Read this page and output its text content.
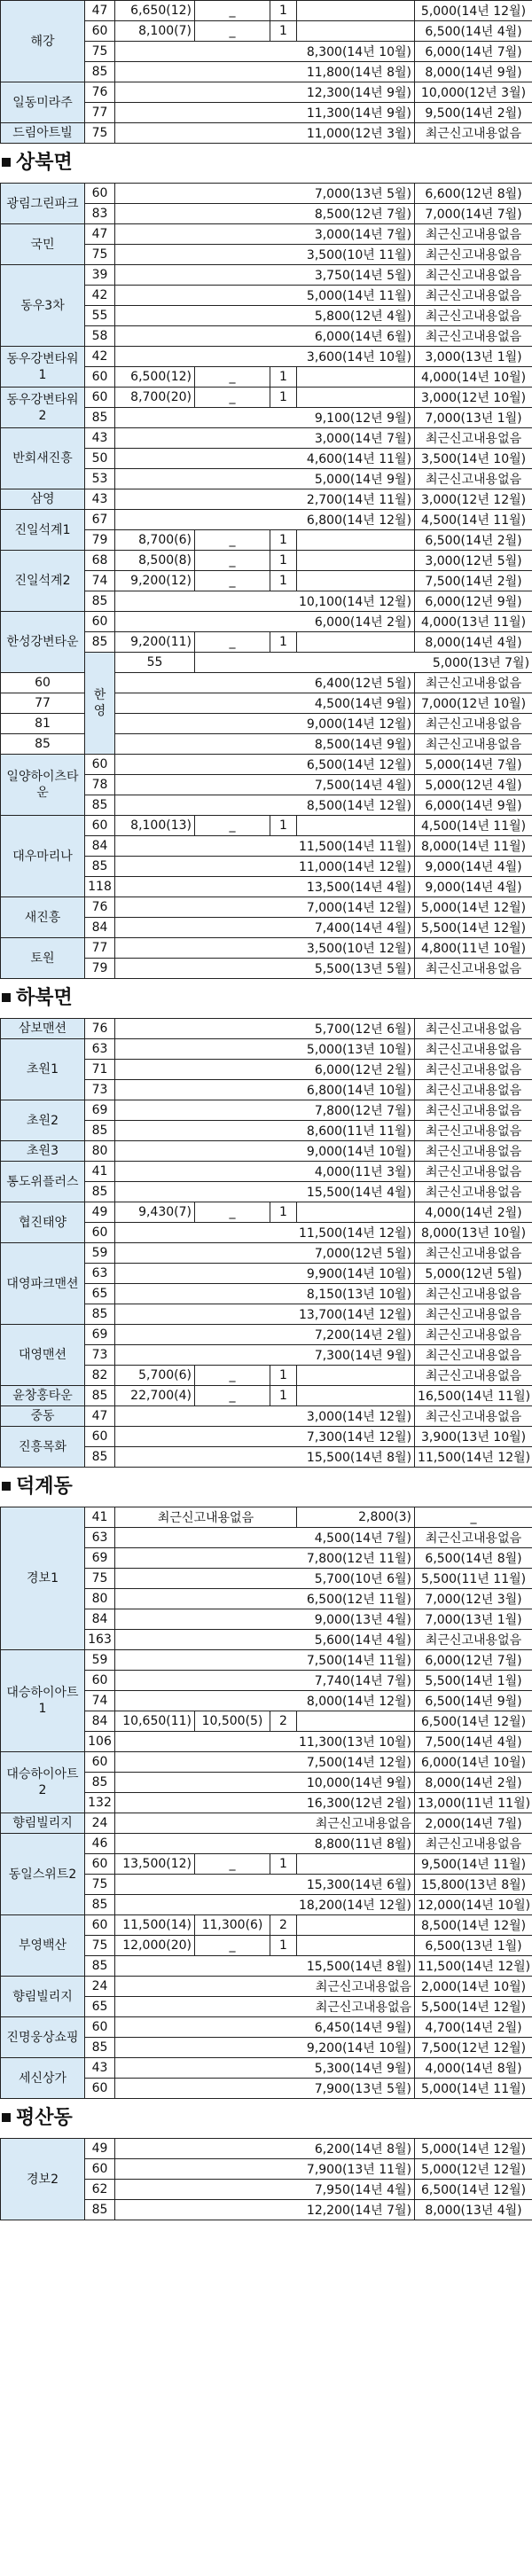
해강	47	6,650(12)	_	1		5,000(14년 12월)
	60	8,100(7)	_	1		6,500(14년 4월)
	75	8,300(14년 10월)				6,000(14년 7월)
	85	11,800(14년 8월)				8,000(14년 9월)
일동미라주	76	12,300(14년 9월)				10,000(12년 3월)
	77	11,300(14년 9월)				9,500(14년 2월)
드림아트빌	75	11,000(12년 3월)				최근신고내용없음
상북면
광림그린파크	60	7,000(13년 5월)				6,600(12년 8월)	
	83	8,500(12년 7월)				7,000(14년 7월)	
국민	47	3,000(14년 7월)				최근신고내용없음	
	75	3,500(10년 11월)				최근신고내용없음	
동우3차	39	3,750(14년 5월)				최근신고내용없음	
	42	5,000(14년 11월)				최근신고내용없음	
	55	5,800(12년 4월)				최근신고내용없음	
	58	6,000(14년 6월)				최근신고내용없음	
동우강변타워1	42	3,600(14년 10월)				3,000(13년 1월)	
	60	6,500(12)	_	1		4,000(14년 10월)	
동우강변타워2	60	8,700(20)	_	1		3,000(12년 10월)	
	85	9,100(12년 9월)				7,000(13년 1월)	
반회새진흥	43	3,000(14년 7월)				최근신고내용없음	
	50	4,600(14년 11월)				3,500(14년 10월)	
	53	5,000(14년 9월)				최근신고내용없음	
삼영	43	2,700(14년 11월)				3,000(12년 12월)	
진일석계1	67	6,800(14년 12월)				4,500(14년 11월)	
	79	8,700(6)	_	1		6,500(14년 2월)	
진일석계2	68	8,500(8)	_	1		3,000(12년 5월)	
	74	9,200(12)	_	1		7,500(14년 2월)	
	85	10,100(14년 12월)				6,000(12년 9월)	
한성강변타운	60	6,000(14년 2월)				4,000(13년 11월)	
	85	9,200(11)	_	1		8,000(14년 4월)	
	한영	55	5,000(13년 7월)	
60		6,400(12년 5월)				최근신고내용없음	
77		4,500(14년 9월)				7,000(12년 10월)	
81		9,000(14년 12월)				최근신고내용없음	
85		8,500(14년 9월)				최근신고내용없음	
일양하이츠타운	60	6,500(14년 12월)				5,000(14년 7월)	
	78	7,500(14년 4월)				5,000(12년 4월)	
	85	8,500(14년 12월)				6,000(14년 9월)	
대우마리나	60	8,100(13)	_	1		4,500(14년 11월)	
	84	11,500(14년 11월)				8,000(14년 11월)	
	85	11,000(14년 12월)				9,000(14년 4월)	
	118	13,500(14년 4월)				9,000(14년 4월)	
새진흥	76	7,000(14년 12월)				5,000(14년 12월)	
	84	7,400(14년 4월)				5,500(14년 12월)	
토원	77	3,500(10년 12월)				4,800(11년 10월)	
	79	5,500(13년 5월)				최근신고내용없음	
하북면
삼보맨션	76	5,700(12년 6월)				최근신고내용없음
초원1	63	5,000(13년 10월)				최근신고내용없음
	71	6,000(12년 2월)				최근신고내용없음
	73	6,800(14년 10월)				최근신고내용없음
초원2	69	7,800(12년 7월)				최근신고내용없음
	85	8,600(11년 11월)				최근신고내용없음
초원3	80	9,000(14년 10월)				최근신고내용없음
통도위플러스	41	4,000(11년 3월)				최근신고내용없음
	85	15,500(14년 4월)				최근신고내용없음
협진태양	49	9,430(7)	_	1		4,000(14년 2월)
	60	11,500(14년 12월)				8,000(13년 10월)
대영파크맨션	59	7,000(12년 5월)				최근신고내용없음
	63	9,900(14년 10월)				5,000(12년 5월)
	65	8,150(13년 10월)				최근신고내용없음
	85	13,700(14년 12월)				최근신고내용없음
대영맨션	69	7,200(14년 2월)				최근신고내용없음
	73	7,300(14년 9월)				최근신고내용없음
	82	5,700(6)	_	1		최근신고내용없음
윤창홍타운	85	22,700(4)	_	1		16,500(14년 11월)
중동	47	3,000(14년 12월)				최근신고내용없음
진흥목화	60	7,300(14년 12월)				3,900(13년 10월)
	85	15,500(14년 8월)				11,500(14년 12월)
덕계동
경보1	41	최근신고내용없음			2,800(3)	_	
	63	4,500(14년 7월)				최근신고내용없음	
	69	7,800(12년 11월)				6,500(14년 8월)	
	75	5,700(10년 6월)				5,500(11년 11월)	
	80	6,500(12년 11월)				7,000(12년 3월)	
	84	9,000(13년 4월)				7,000(13년 1월)	
	163	5,600(14년 4월)				최근신고내용없음	
대승하이아트1	59	7,500(14년 11월)				6,000(12년 7월)	
	60	7,740(14년 7월)				5,500(14년 1월)	
	74	8,000(14년 12월)				6,500(14년 9월)	
	84	10,650(11)	10,500(5)	2		6,500(14년 12월)	
	106	11,300(13년 10월)				7,500(14년 4월)	
대승하이아트2	60	7,500(14년 12월)				6,000(14년 10월)	
	85	10,000(14년 9월)				8,000(14년 2월)	
	132	16,300(12년 2월)				13,000(11년 11월)	
향림빌리지	24	최근신고내용없음				2,000(14년 7월)	
동일스위트2	46	8,800(11년 8월)				최근신고내용없음	
	60	13,500(12)	_	1		9,500(14년 11월)	
	75	15,300(14년 6월)				15,800(13년 8월)	
	85	18,200(14년 12월)				12,000(14년 10월)	
부영백산	60	11,500(14)	11,300(6)	2		8,500(14년 12월)	
	75	12,000(20)	_	1		6,500(13년 1월)	
	85	15,500(14년 8월)				11,500(14년 12월)	
향림빌리지	24	최근신고내용없음				2,000(14년 10월)	
	65	최근신고내용없음				5,500(14년 12월)	
진명웅상쇼핑	60	6,450(14년 9월)				4,700(14년 2월)	
	85	9,200(14년 10월)				7,500(12년 12월)	
세신상가	43	5,300(14년 9월)				4,000(14년 8월)	
	60	7,900(13년 5월)				5,000(14년 11월)	
평산동
경보2	49	6,200(14년 8월)	5,000(14년 12월)
	60	7,900(13년 11월)	5,000(12년 12월)
	62	7,950(14년 4월)	6,500(14년 12월)
	85	12,200(14년 7월)	8,000(13년 4월)
